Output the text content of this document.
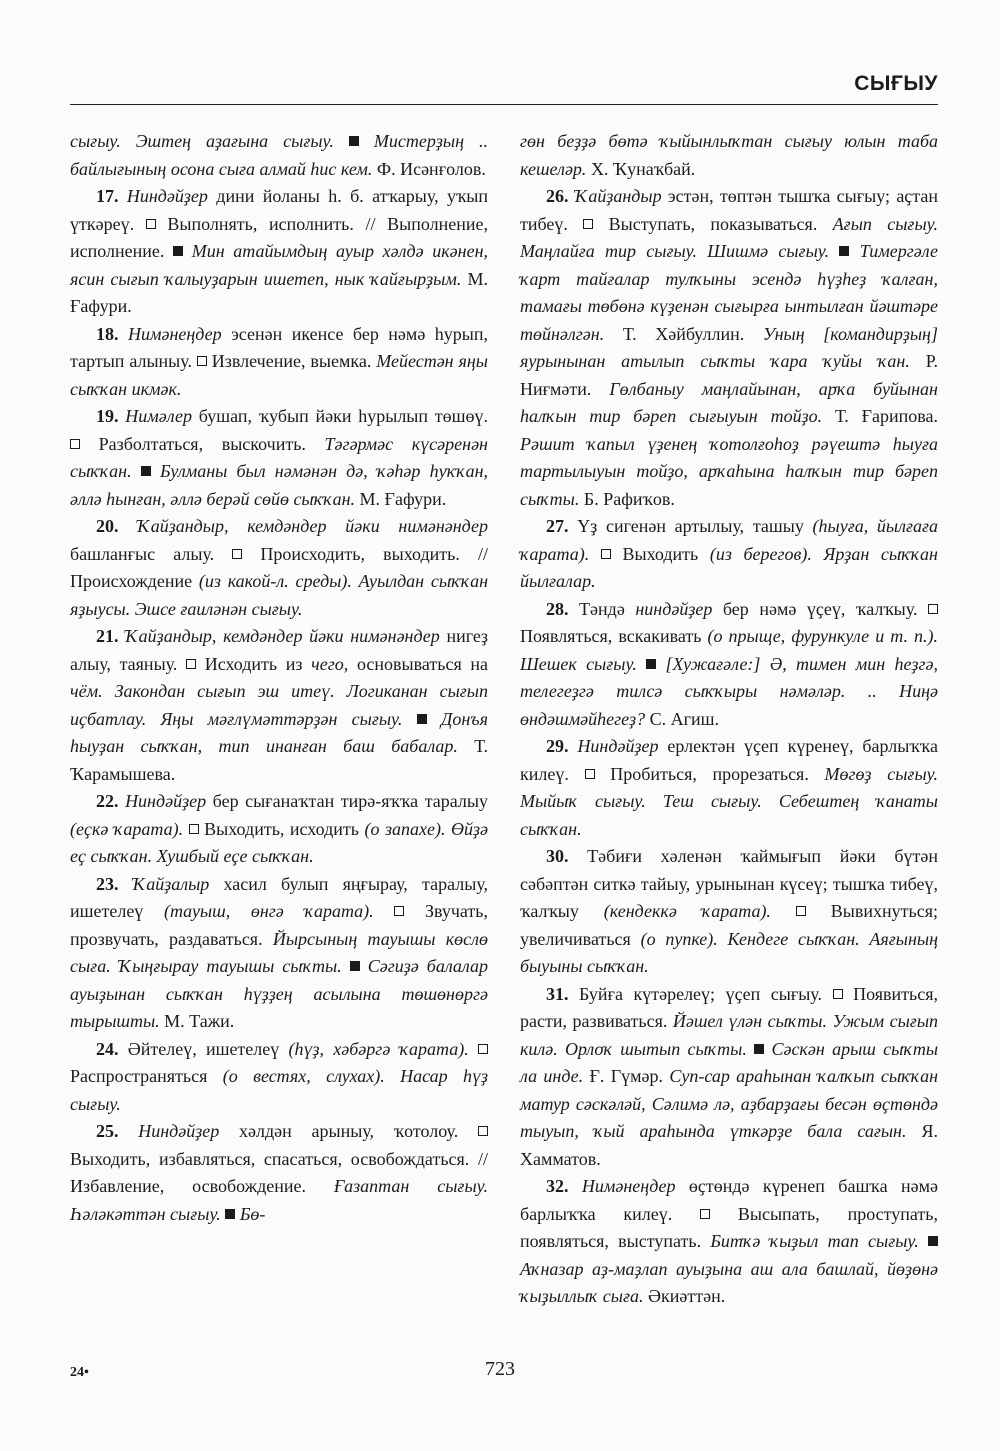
СЫҒЫУ

сығыу. Эштең аҙағына сығыу.  Мистерҙың .. байлығының осона сыға алмай һис кем. Ф. Исәнғолов.

17. Ниндәйҙер дини йоланы һ. б. атҡарыу, уҡып үткәреү.  Выполнять, исполнить. // Выполнение, исполнение.  Мин атайымдың ауыр хәлдә икәнен, ясин сығып ҡалыуҙарын ишетеп, нык ҡайғырҙым. М. Ғафури.

18. Нимәнеңдер эсенән икенсе бер нәмә һурып, тартып алыныу.  Извлечение, выемка. Мейестән яңы сыҡҡан икмәк.

19. Нимәлер бушап, ҡубып йәки һурылып төшөү.  Разболтаться, выскочить. Тәгәрмәс күсәренән сыҡҡан.  Булманы был нәмәнән дә, ҡәһәр һуҡҡан, әллә һынған, әллә берәй сөйө сыҡҡан. М. Ғафури.

20. Ҡайҙандыр, кемдәндер йәки нимәнәндер башланғыс алыу.  Происходить, выходить. // Происхождение (из какой-л. среды). Ауылдан сыҡҡан яҙыусы. Эшсе ғаиләнән сығыу.

21. Ҡайҙандыр, кемдәндер йәки нимәнәндер нигеҙ алыу, таяныу.  Исходить из чего, основываться на чём. Закондан сығып эш итеү. Логиканан сығып иҫбатлау. Яңы мәғлүмәттәрҙән сығыу.  Донъя һыуҙан сыҡҡан, тип инанған баш бабалар. Т. Ҡарамышева.

22. Ниндәйҙер бер сығанаҡтан тирә-яҡҡа таралыу (еҫкә ҡарата).  Выходить, исходить (о запахе). Өйҙә еҫ сыҡҡан. Хушбый еҫе сыҡҡан.

23. Ҡайҙалыр хасил булып яңғырау, таралыу, ишетелеү (тауыш, өнгә ҡарата).  Звучать, прозвучать, раздаваться. Йырсының тауышы көслө сыға. Ҡыңғырау тауышы сыҡты.  Сәгиҙә балалар ауыҙынан сыҡҡан һүҙҙең асылына төшөнөргә тырышты. М. Тажи.

24. Әйтелеү, ишетелеү (һүҙ, хәбәргә ҡарата).  Распространяться (о вестях, слухах). Насар һүҙ сығыу.

25. Ниндәйҙер хәлдән арыныу, ҡотолоу.  Выходить, избавляться, спасаться, освобождаться. // Избавление, освобождение. Ғазаптан сығыу. Һәләкәттән сығыу.  Бө-

гөн беҙҙә бөтә ҡыйынлыҡтан сығыу юлын таба кешеләр. Х. Ҡунаҡбай.

26. Ҡайҙандыр эстән, төптән тышҡа сығыу; аҫтан тибеү.  Выступать, показываться. Ағып сығыу. Маңлайға тир сығыу. Шишмә сығыу.  Тимергәле ҡарт тайғалар тулҡыны эсендә һүҙһеҙ ҡалған, тамағы төбөнә күҙенән сығырға ынтылған йәштәре төйнәлгән. Т. Хәйбуллин. Уның [командирҙың] яурынынан атылып сыҡты ҡара ҡуйы ҡан. Р. Ниғмәти. Гөлбаныу маңлайынан, арҡа буйынан һалҡын тир бәреп сығыуын тойҙо. Т. Ғарипова. Рәшит ҡапыл үҙенең ҡотолғоһоҙ рәүештә һыуға тартылыуын тойҙо, арҡаһына һалҡын тир бәреп сыҡты. Б. Рафиҡов.

27. Үҙ сигенән артылыу, ташыу (һыуға, йылғаға ҡарата).  Выходить (из берегов). Ярҙан сыҡҡан йылғалар.

28. Тәндә ниндәйҙер бер нәмә үҫеү, ҡалҡыу.  Появляться, вскакивать (о прыще, фурункуле и т. п.). Шешек сығыу.  [Хужағәле:] Ә, тимен мин һеҙгә, телегеҙгә тилсә сыҡҡыры нәмәләр. .. Ниңә өндәшмәйһегеҙ? С. Агиш.

29. Ниндәйҙер ерлектән үҫеп күренеү, барлыҡҡа килеү.  Пробиться, прорезаться. Мөгөҙ сығыу. Мыйыҡ сығыу. Теш сығыу. Себештең ҡанаты сыҡҡан.

30. Тәбиғи хәленән ҡаймығып йәки бүтән сәбәптән ситкә тайыу, урынынан күсеү; тышҡа тибеү, ҡалҡыу (кендеккә ҡарата).  Вывихнуться; увеличиваться (о пупке). Кендеге сыҡҡан. Аяғының быуыны сыҡҡан.

31. Буйға күтәрелеү; үҫеп сығыу.  Появиться, расти, развиваться. Йәшел үлән сыҡты. Ужым сығып килә. Орлоҡ шытып сыҡты.  Сәскән арыш сыҡты ла инде. Ғ. Гүмәр. Суп-сар араһынан ҡалҡып сыҡҡан матур сәскәләй, Сәлимә лә, аҙбарҙағы бесән өҫтөндә тыуып, ҡый араһында үткәрҙе бала сағын. Я. Хамматов.

32. Нимәнеңдер өҫтөндә күренеп башҡа нәмә барлыҡҡа килеү.  Высыпать, проступать, появляться, выступать. Битҡә ҡыҙыл тап сығыу.  Аҡназар аҙ-маҙлап ауыҙына аш ала башлай, йөҙөнә ҡыҙыллыҡ сыға. Әкиәттән.

24•	723
